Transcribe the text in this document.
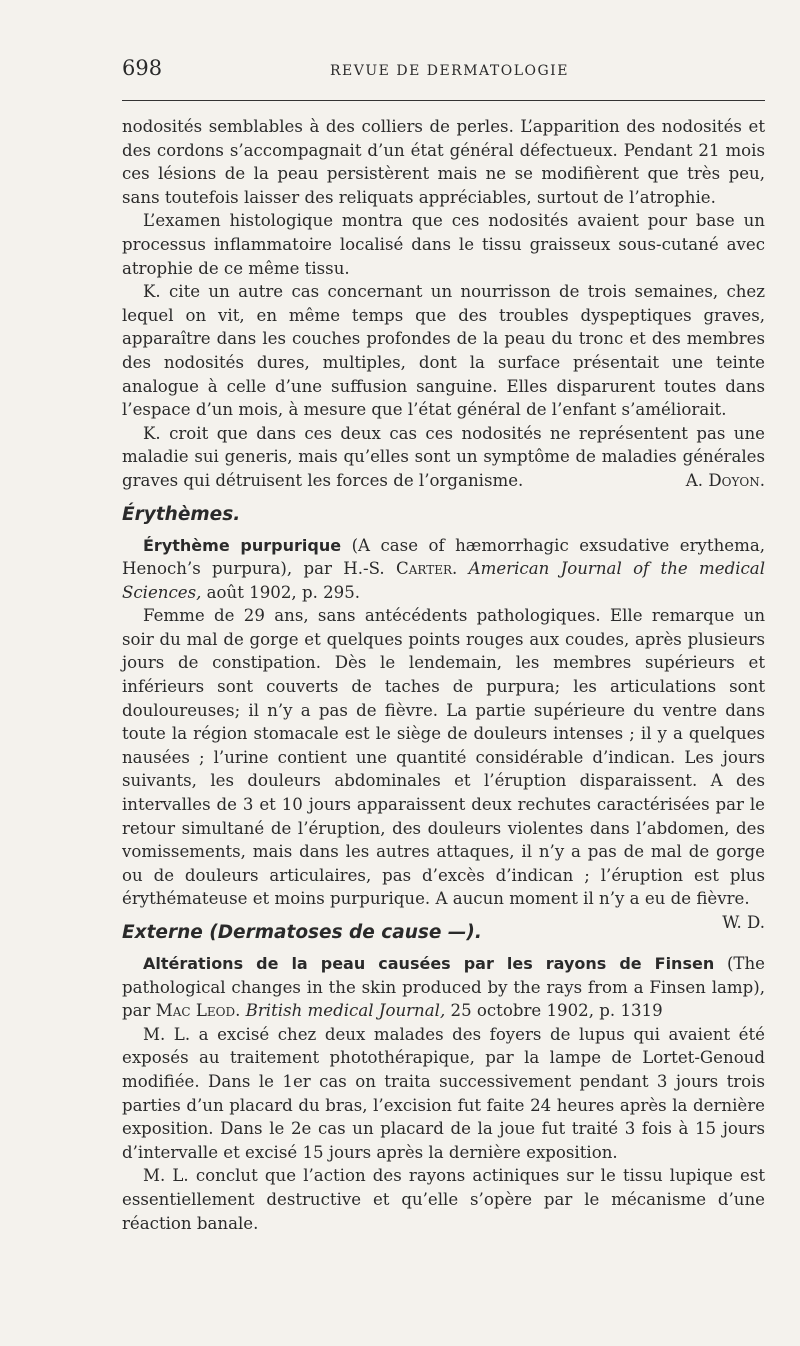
698	REVUE DE DERMATOLOGIE

nodosités semblables à des colliers de perles. L’apparition des nodosités et des cordons s’accompagnait d’un état général défectueux. Pendant 21 mois ces lésions de la peau persistèrent mais ne se modifièrent que très peu, sans toutefois laisser des reliquats appréciables, surtout de l’atrophie.

L’examen histologique montra que ces nodosités avaient pour base un processus inflammatoire localisé dans le tissu graisseux sous-cutané avec atrophie de ce même tissu.

K. cite un autre cas concernant un nourrisson de trois semaines, chez lequel on vit, en même temps que des troubles dyspeptiques graves, apparaître dans les couches profondes de la peau du tronc et des membres des nodosités dures, multiples, dont la surface présentait une teinte analogue à celle d’une suffusion sanguine. Elles disparurent toutes dans l’espace d’un mois, à mesure que l’état général de l’enfant s’améliorait.

K. croit que dans ces deux cas ces nodosités ne représentent pas une maladie sui generis, mais qu’elles sont un symptôme de maladies générales graves qui détruisent les forces de l’organisme.	A. Doyon.

Érythèmes.

Érythème purpurique (A case of hæmorrhagic exsudative erythema, Henoch’s purpura), par H.-S. Carter. American Journal of the medical Sciences, août 1902, p. 295.

Femme de 29 ans, sans antécédents pathologiques. Elle remarque un soir du mal de gorge et quelques points rouges aux coudes, après plusieurs jours de constipation. Dès le lendemain, les membres supérieurs et inférieurs sont couverts de taches de purpura; les articulations sont douloureuses; il n’y a pas de fièvre. La partie supérieure du ventre dans toute la région stomacale est le siège de douleurs intenses ; il y a quelques nausées ; l’urine contient une quantité considérable d’indican. Les jours suivants, les douleurs abdominales et l’éruption disparaissent. A des intervalles de 3 et 10 jours apparaissent deux rechutes caractérisées par le retour simultané de l’éruption, des douleurs violentes dans l’abdomen, des vomissements, mais dans les autres attaques, il n’y a pas de mal de gorge ou de douleurs articulaires, pas d’excès d’indican ; l’éruption est plus érythémateuse et moins purpurique. A aucun moment il n’y a eu de fièvre.
W. D.

Externe (Dermatoses de cause —).

Altérations de la peau causées par les rayons de Finsen (The pathological changes in the skin produced by the rays from a Finsen lamp), par Mac Leod. British medical Journal, 25 octobre 1902, p. 1319

M. L. a excisé chez deux malades des foyers de lupus qui avaient été exposés au traitement photothérapique, par la lampe de Lortet-Genoud modifiée. Dans le 1er cas on traita successivement pendant 3 jours trois parties d’un placard du bras, l’excision fut faite 24 heures après la dernière exposition. Dans le 2e cas un placard de la joue fut traité 3 fois à 15 jours d’intervalle et excisé 15 jours après la dernière exposition.

M. L. conclut que l’action des rayons actiniques sur le tissu lupique est essentiellement destructive et qu’elle s’opère par le mécanisme d’une réaction banale.
